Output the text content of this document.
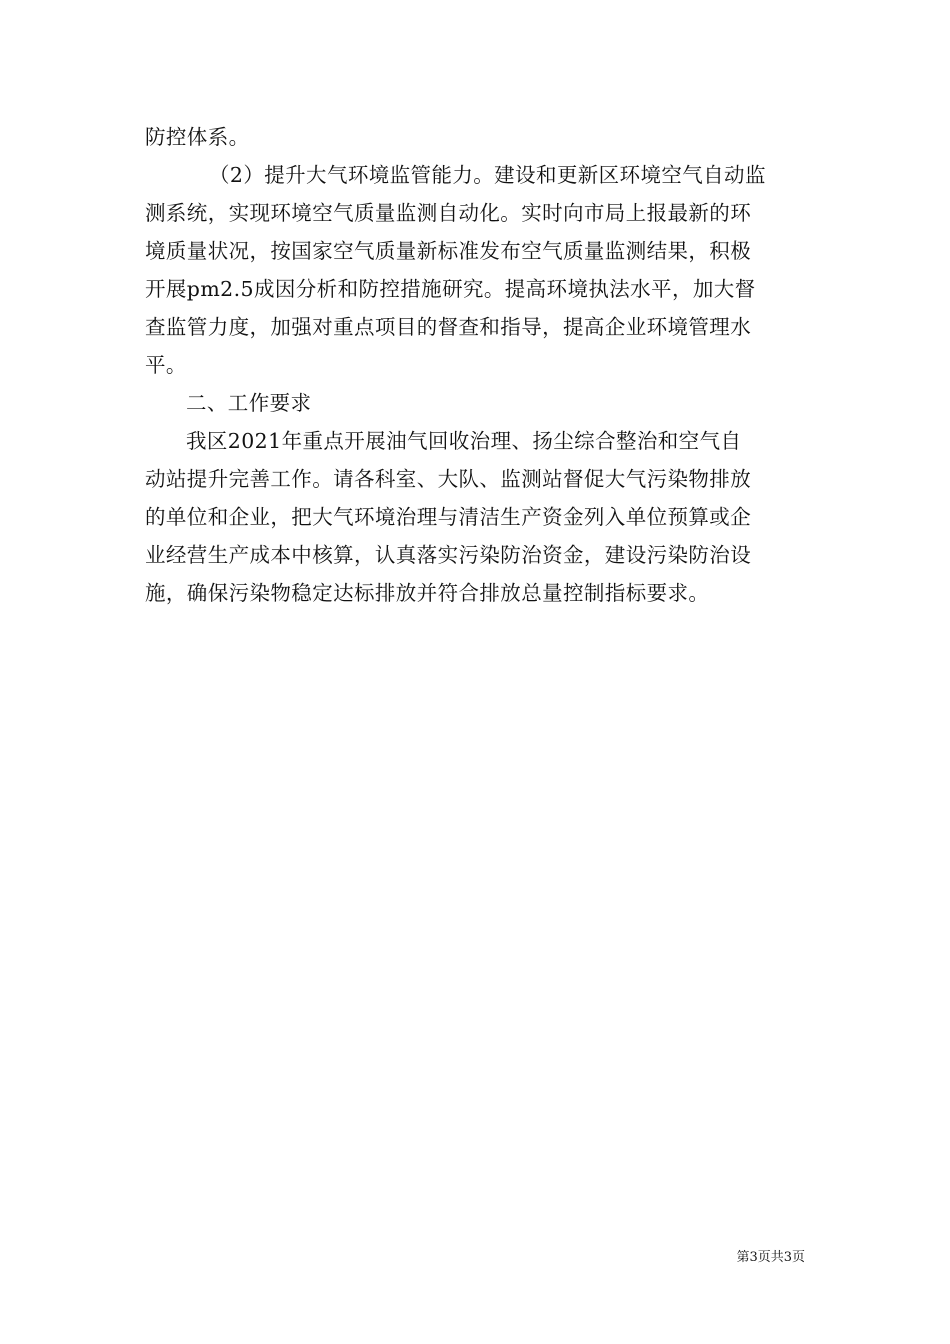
防控体系。
（2）提升大气环境监管能力。建设和更新区环境空气自动监
测系统，实现环境空气质量监测自动化。实时向市局上报最新的环
境质量状况，按国家空气质量新标准发布空气质量监测结果，积极
开展pm2.5成因分析和防控措施研究。提高环境执法水平，加大督
查监管力度，加强对重点项目的督查和指导，提高企业环境管理水
平。
二、工作要求
我区2021年重点开展油气回收治理、扬尘综合整治和空气自
动站提升完善工作。请各科室、大队、监测站督促大气污染物排放
的单位和企业，把大气环境治理与清洁生产资金列入单位预算或企
业经营生产成本中核算，认真落实污染防治资金，建设污染防治设
施，确保污染物稳定达标排放并符合排放总量控制指标要求。
第3页共3页
